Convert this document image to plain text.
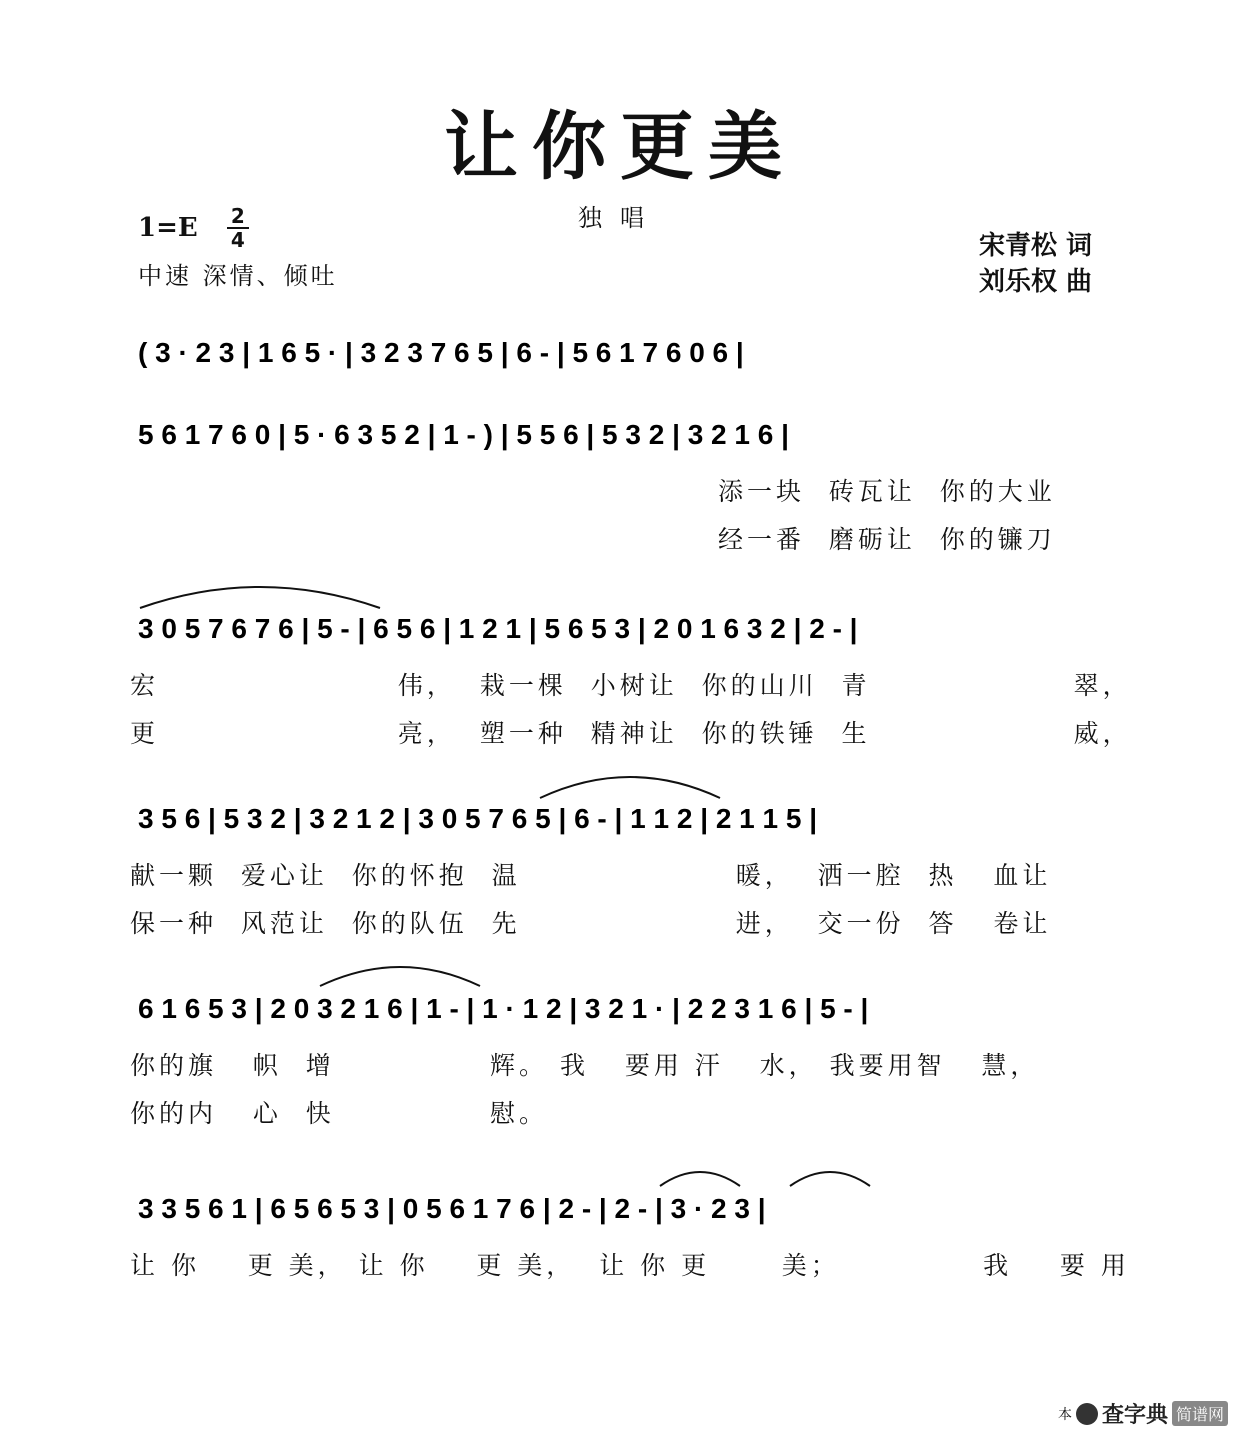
让你更美
独唱
$1=E \frac{2}{4}$
中速 深情、倾吐
宋青松 词
刘乐权 曲
( 3 · 2 3 | 1 6 5 · | 3 2 3 7 6 5 | 6 - | 5 6 1 7 6 0 6 |
5 6 1 7 6 0 | 5 · 6 3 5 2 | 1 - ) | 5 5 6 | 5 3 2 | 3 2 1 6 |
添一块  砖瓦让  你的大业
经一番  磨砺让  你的镰刀
3 0 5 7 6 7 6 | 5 - | 6 5 6 | 1 2 1 | 5 6 5 3 | 2 0 1 6 3 2 | 2 - |
宏                    伟，  栽一棵  小树让  你的山川  青                 翠，
更                    亮，  塑一种  精神让  你的铁锤  生                 威，
3 5 6 | 5 3 2 | 3 2 1 2 | 3 0 5 7 6 5 | 6 - | 1 1 2 | 2 1 1 5 |
献一颗  爱心让  你的怀抱  温                  暖，  洒一腔  热   血让
保一种  风范让  你的队伍  先                  进，  交一份  答   卷让
6 1 6 5 3 | 2 0 3 2 1 6 | 1 - | 1 · 1 2 | 3 2 1 · | 2 2 3 1 6 | 5 - |
你的旗   帜  增             辉。 我   要用 汗   水， 我要用智   慧，
你的内   心  快             慰。
3 3 5 6 1 | 6 5 6 5 3 | 0 5 6 1 7 6 | 2 - | 2 - | 3 · 2 3 |
让 你    更 美， 让 你    更 美，  让 你 更      美；            我    要 用
本 查字典 简谱网
